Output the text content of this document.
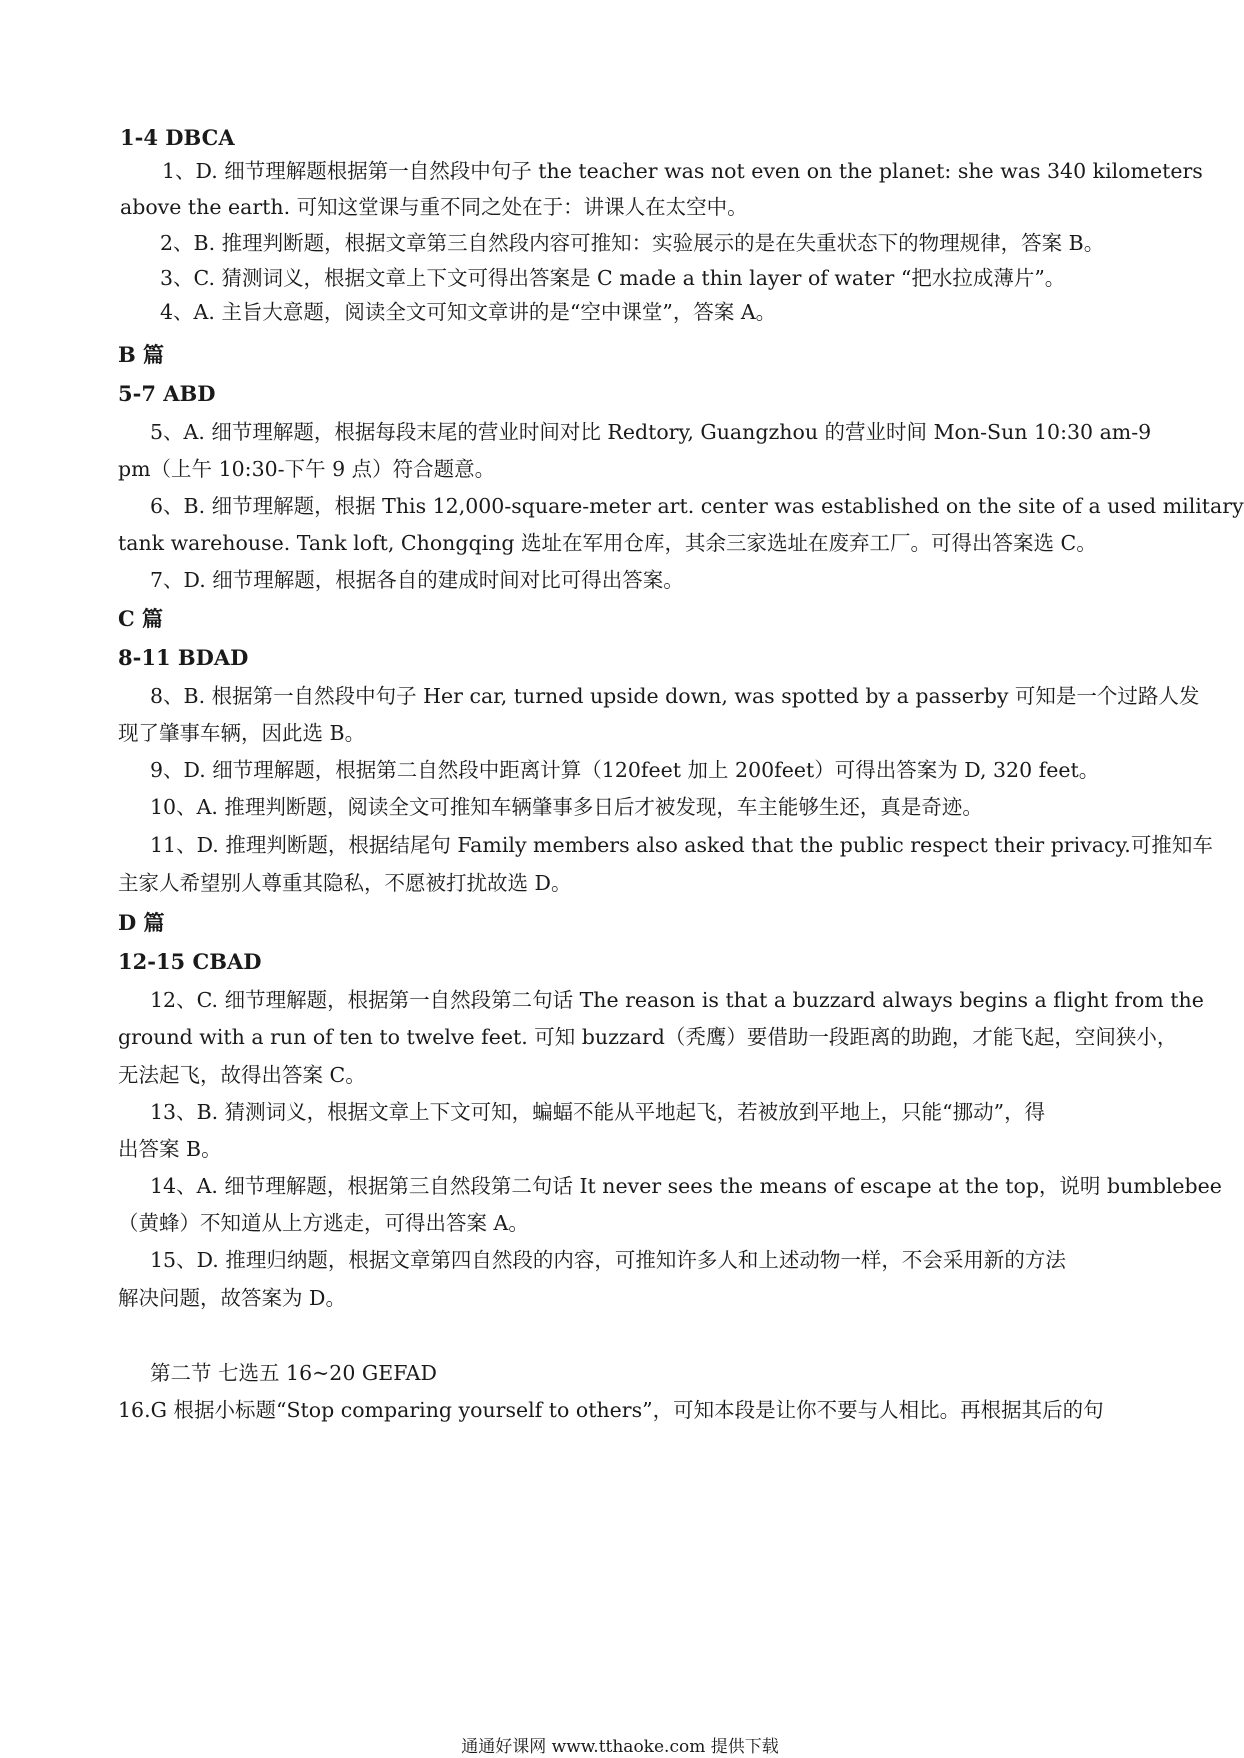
1-4 DBCA
1、D. 细节理解题根据第一自然段中句子 the teacher was not even on the planet: she was 340 kilometers
above the earth. 可知这堂课与重不同之处在于：讲课人在太空中。
2、B. 推理判断题，根据文章第三自然段内容可推知：实验展示的是在失重状态下的物理规律，答案 B。
3、C. 猜测词义，根据文章上下文可得出答案是 C made a thin layer of water “把水拉成薄片”。
4、A. 主旨大意题，阅读全文可知文章讲的是“空中课堂”，答案 A。
B 篇
5-7 ABD
5、A. 细节理解题，根据每段末尾的营业时间对比 Redtory, Guangzhou 的营业时间 Mon-Sun 10:30 am-9
pm（上午 10:30-下午 9 点）符合题意。
6、B. 细节理解题，根据 This 12,000-square-meter art. center was established on the site of a used military
tank warehouse. Tank loft, Chongqing 选址在军用仓库，其余三家选址在废弃工厂。可得出答案选 C。
7、D. 细节理解题，根据各自的建成时间对比可得出答案。
C 篇
8-11 BDAD
8、B. 根据第一自然段中句子 Her car, turned upside down, was spotted by a passerby 可知是一个过路人发
现了肇事车辆，因此选 B。
9、D. 细节理解题，根据第二自然段中距离计算（120feet 加上 200feet）可得出答案为 D, 320 feet。
10、A. 推理判断题，阅读全文可推知车辆肇事多日后才被发现，车主能够生还，真是奇迹。
11、D. 推理判断题，根据结尾句 Family members also asked that the public respect their privacy.可推知车
主家人希望别人尊重其隐私，不愿被打扰故选 D。
D 篇
12-15 CBAD
12、C. 细节理解题，根据第一自然段第二句话 The reason is that a buzzard always begins a flight from the
ground with a run of ten to twelve feet. 可知 buzzard（秃鹰）要借助一段距离的助跑，才能飞起，空间狭小，
无法起飞，故得出答案 C。
13、B. 猜测词义，根据文章上下文可知，蝙蝠不能从平地起飞，若被放到平地上，只能“挪动”，得
出答案 B。
14、A. 细节理解题，根据第三自然段第二句话 It never sees the means of escape at the top，说明 bumblebee
（黄蜂）不知道从上方逃走，可得出答案 A。
15、D. 推理归纳题，根据文章第四自然段的内容，可推知许多人和上述动物一样，不会采用新的方法
解决问题，故答案为 D。
第二节 七选五 16~20 GEFAD
16.G 根据小标题“Stop comparing yourself to others”，可知本段是让你不要与人相比。再根据其后的句
通通好课网 www.tthaoke.com 提供下载
